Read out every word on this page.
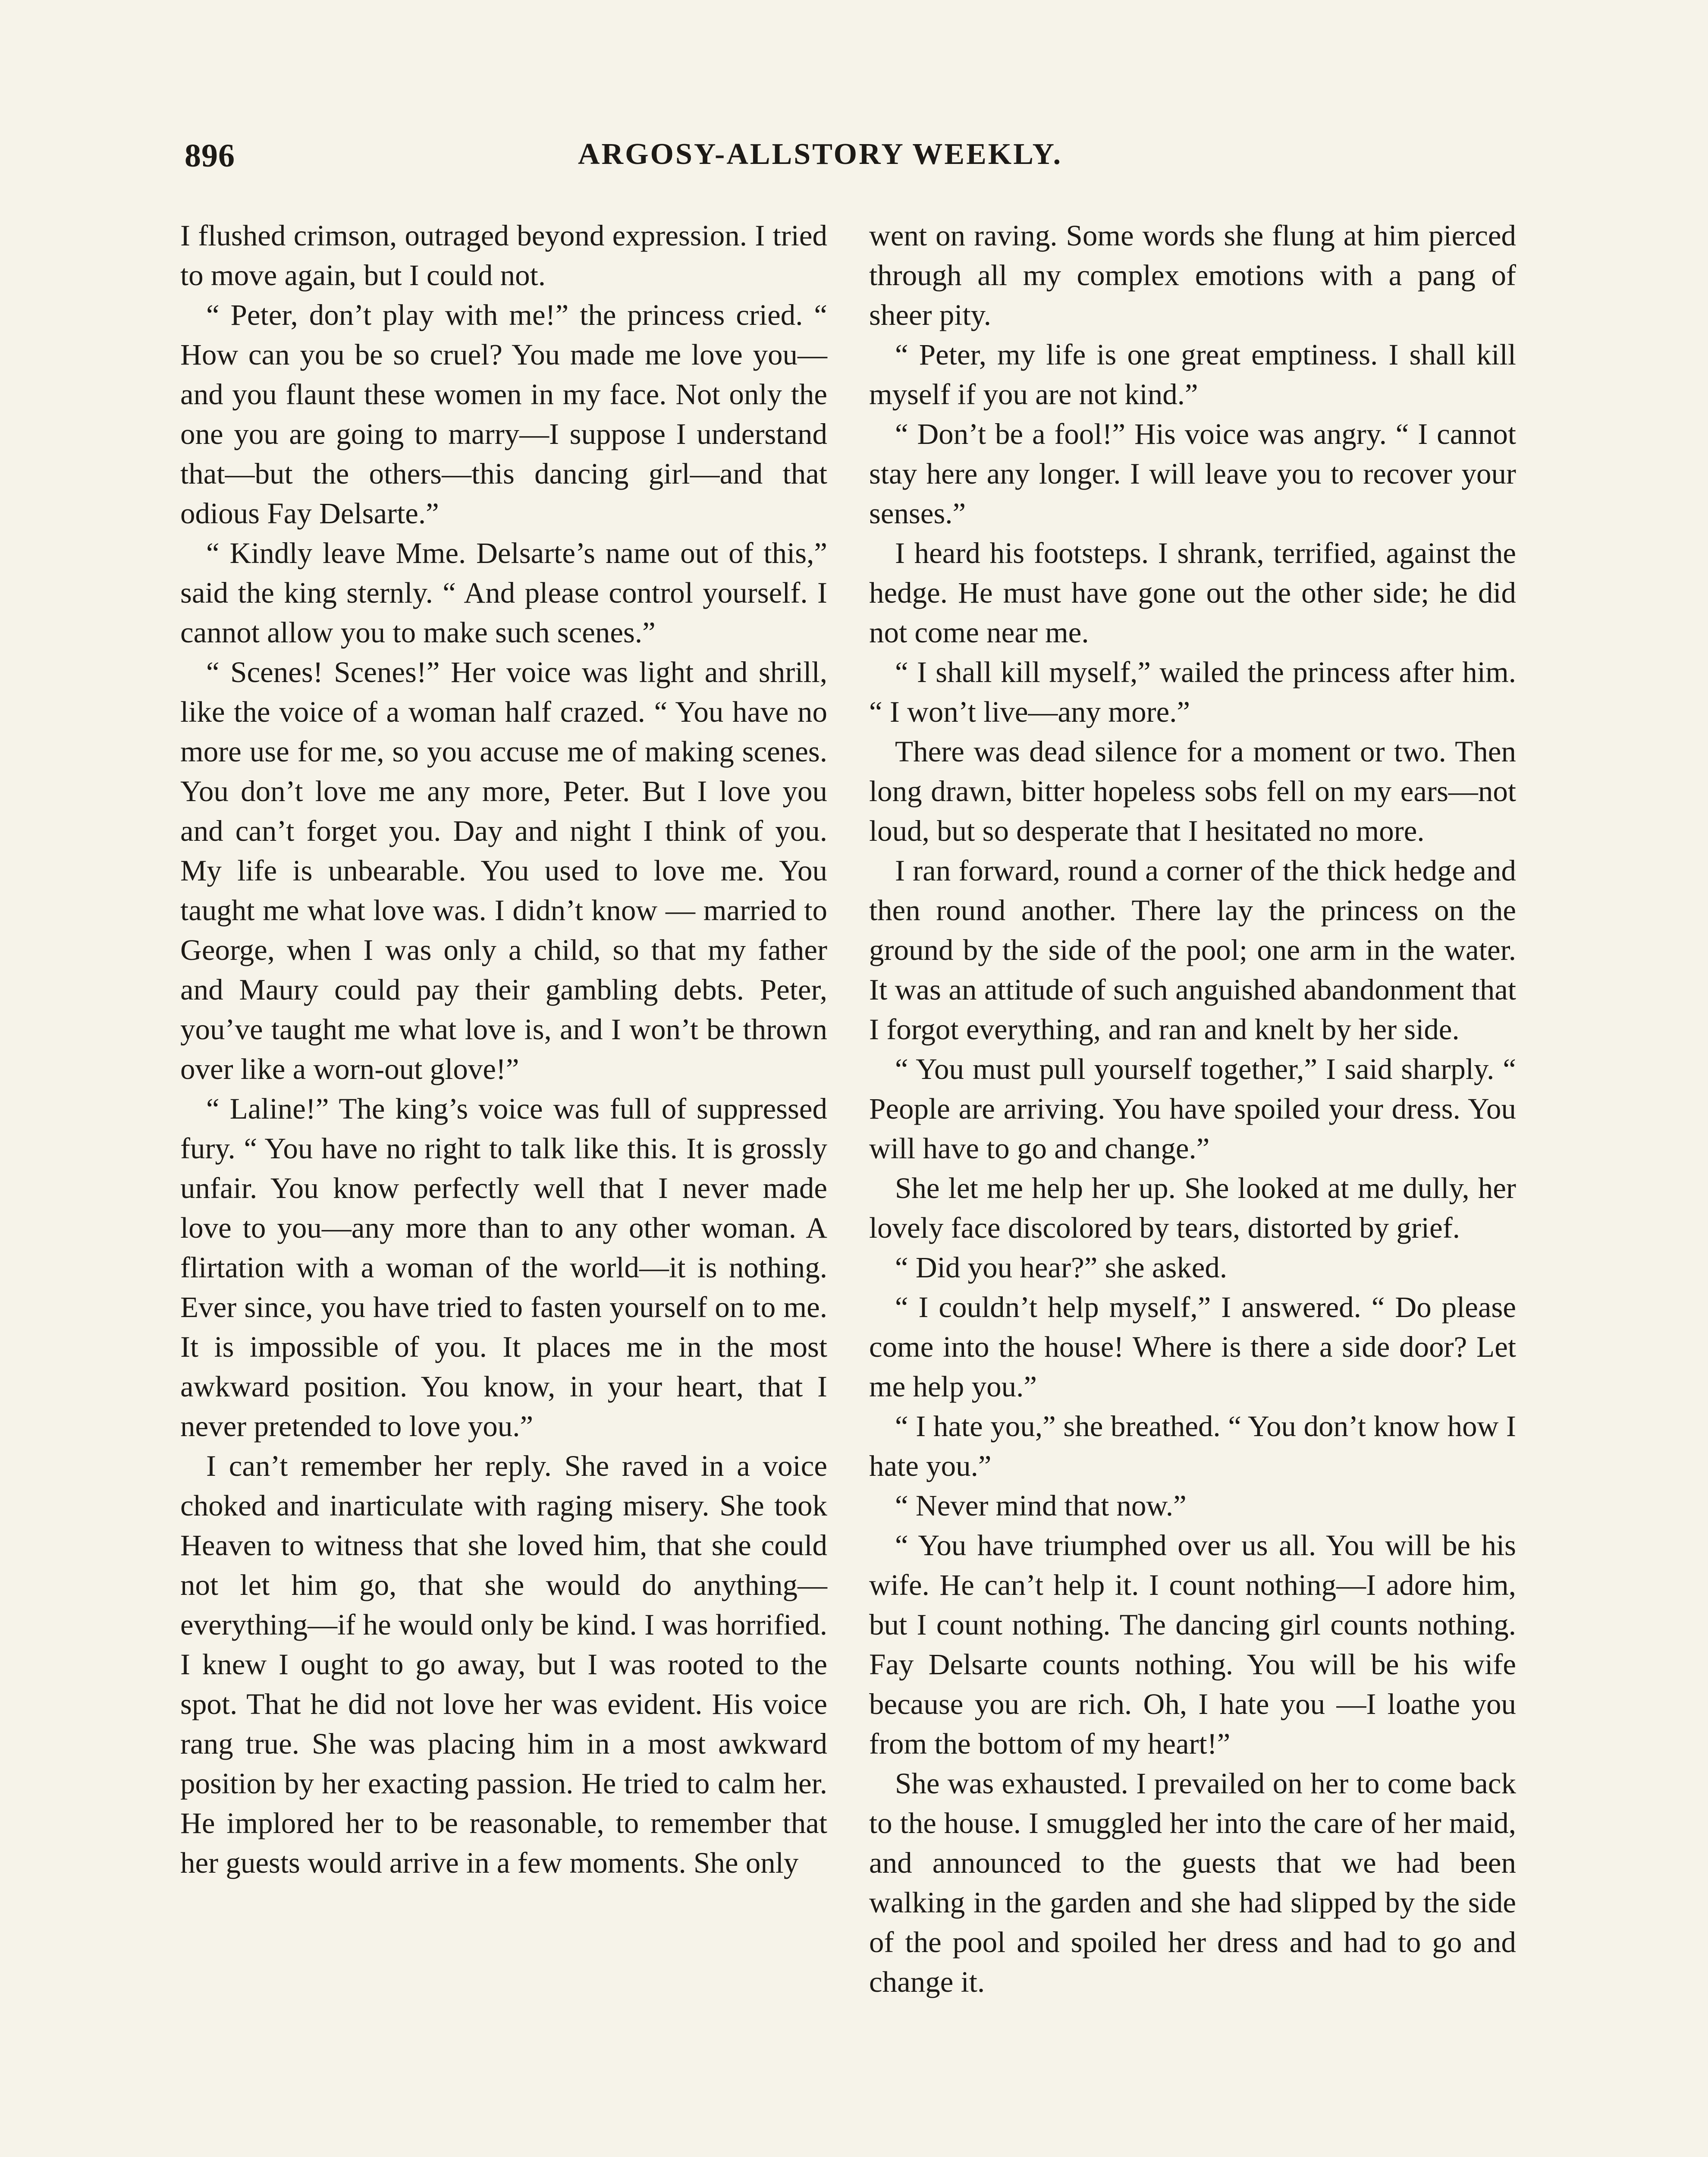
896	ARGOSY-ALLSTORY WEEKLY.

I flushed crimson, outraged beyond expression. I tried to move again, but I could not.

“ Peter, don’t play with me!” the princess cried. “ How can you be so cruel? You made me love you—and you flaunt these women in my face. Not only the one you are going to marry—I suppose I understand that—but the others—this dancing girl—and that odious Fay Delsarte.”

“ Kindly leave Mme. Delsarte’s name out of this,” said the king sternly. “ And please control yourself. I cannot allow you to make such scenes.”

“ Scenes! Scenes!” Her voice was light and shrill, like the voice of a woman half crazed. “ You have no more use for me, so you accuse me of making scenes. You don’t love me any more, Peter. But I love you and can’t forget you. Day and night I think of you. My life is unbearable. You used to love me. You taught me what love was. I didn’t know — married to George, when I was only a child, so that my father and Maury could pay their gambling debts. Peter, you’ve taught me what love is, and I won’t be thrown over like a worn-out glove!”

“ Laline!” The king’s voice was full of suppressed fury. “ You have no right to talk like this. It is grossly unfair. You know perfectly well that I never made love to you—any more than to any other woman. A flirtation with a woman of the world—it is nothing. Ever since, you have tried to fasten yourself on to me. It is impossible of you. It places me in the most awkward position. You know, in your heart, that I never pretended to love you.”

I can’t remember her reply. She raved in a voice choked and inarticulate with raging misery. She took Heaven to witness that she loved him, that she could not let him go, that she would do anything—everything—if he would only be kind. I was horrified. I knew I ought to go away, but I was rooted to the spot. That he did not love her was evident. His voice rang true. She was placing him in a most awkward position by her exacting passion. He tried to calm her. He implored her to be reasonable, to remember that her guests would arrive in a few moments. She only

went on raving. Some words she flung at him pierced through all my complex emotions with a pang of sheer pity.

“ Peter, my life is one great emptiness. I shall kill myself if you are not kind.”

“ Don’t be a fool!” His voice was angry. “ I cannot stay here any longer. I will leave you to recover your senses.”

I heard his footsteps. I shrank, terrified, against the hedge. He must have gone out the other side; he did not come near me.

“ I shall kill myself,” wailed the princess after him. “ I won’t live—any more.”

There was dead silence for a moment or two. Then long drawn, bitter hopeless sobs fell on my ears—not loud, but so desperate that I hesitated no more.

I ran forward, round a corner of the thick hedge and then round another. There lay the princess on the ground by the side of the pool; one arm in the water. It was an attitude of such anguished abandonment that I forgot everything, and ran and knelt by her side.

“ You must pull yourself together,” I said sharply. “ People are arriving. You have spoiled your dress. You will have to go and change.”

She let me help her up. She looked at me dully, her lovely face discolored by tears, distorted by grief.

“ Did you hear?” she asked.

“ I couldn’t help myself,” I answered. “ Do please come into the house! Where is there a side door? Let me help you.”

“ I hate you,” she breathed. “ You don’t know how I hate you.”

“ Never mind that now.”

“ You have triumphed over us all. You will be his wife. He can’t help it. I count nothing—I adore him, but I count nothing. The dancing girl counts nothing. Fay Delsarte counts nothing. You will be his wife because you are rich. Oh, I hate you —I loathe you from the bottom of my heart!”

She was exhausted. I prevailed on her to come back to the house. I smuggled her into the care of her maid, and announced to the guests that we had been walking in the garden and she had slipped by the side of the pool and spoiled her dress and had to go and change it.
